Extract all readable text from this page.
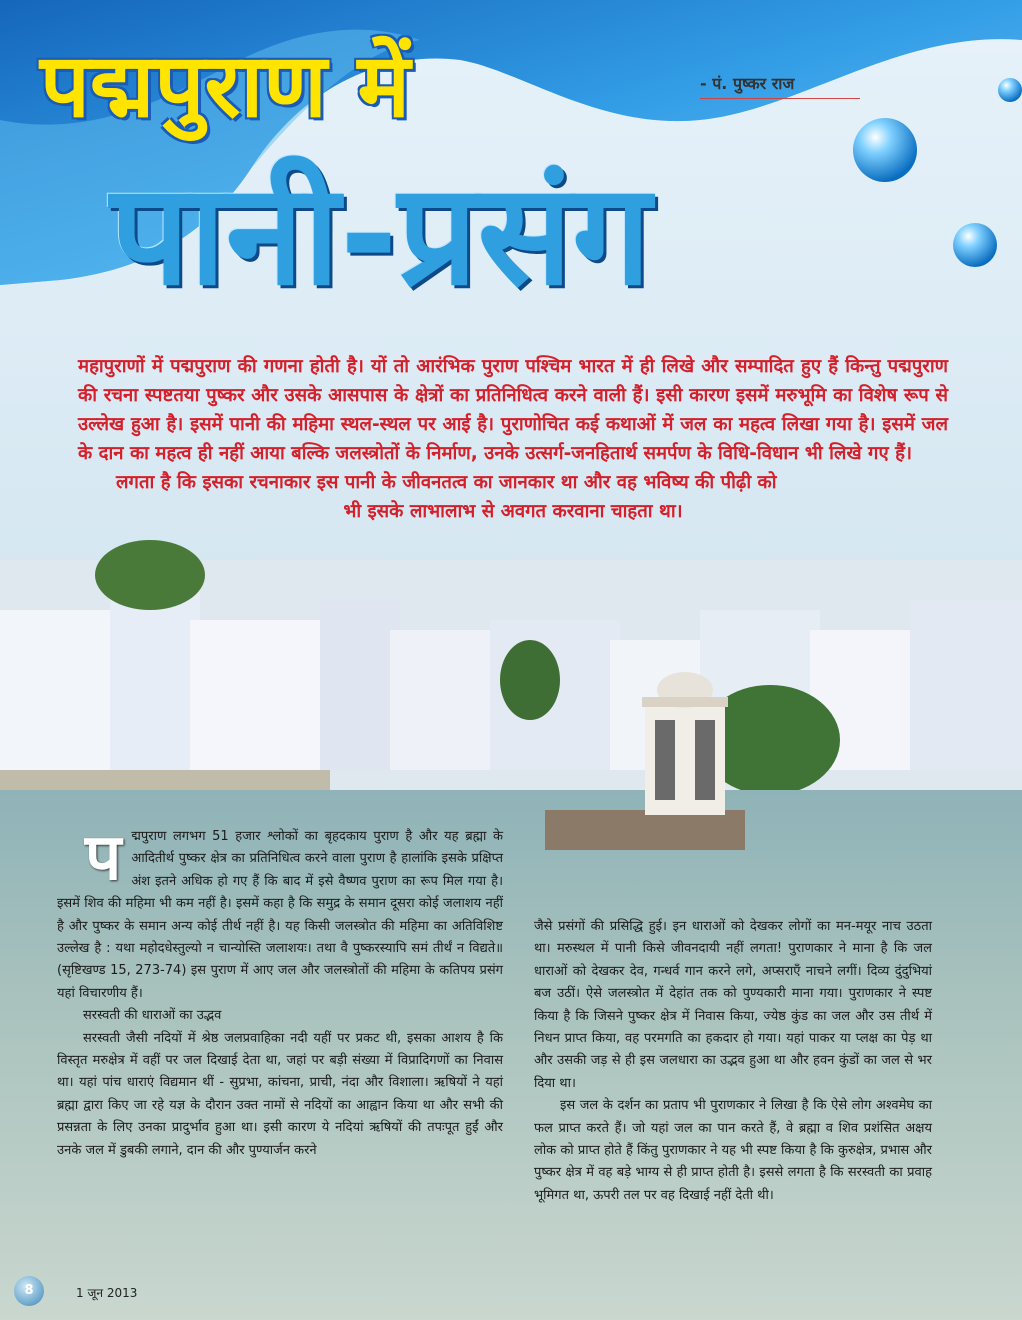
- पं. पुष्कर राज
पद्मपुराण में
पानी-प्रसंग

महापुराणों में पद्मपुराण की गणना होती है। यों तो आरंभिक पुराण पश्चिम भारत में ही लिखे और सम्पादित हुए हैं किन्तु पद्मपुराण की रचना स्पष्टतया पुष्कर और उसके आसपास के क्षेत्रों का प्रतिनिधित्व करने वाली हैं। इसी कारण इसमें मरुभूमि का विशेष रूप से उल्लेख हुआ है। इसमें पानी की महिमा स्थल-स्थल पर आई है। पुराणोचित कई कथाओं में जल का महत्व लिखा गया है। इसमें जल के दान का महत्व ही नहीं आया बल्कि जलस्त्रोतों के निर्माण, उनके उत्सर्ग-जनहितार्थ समर्पण के विधि-विधान भी लिखे गए हैं।

लगता है कि इसका रचनाकार इस पानी के जीवनतत्व का जानकार था और वह भविष्य की पीढ़ी को

भी इसके लाभालाभ से अवगत करवाना चाहता था।

प द्मपुराण लगभग 51 हजार श्लोकों का बृहदकाय पुराण है और यह ब्रह्मा के आदितीर्थ पुष्कर क्षेत्र का प्रतिनिधित्व करने वाला पुराण है हालांकि इसके प्रक्षिप्त अंश इतने अधिक हो गए हैं कि बाद में इसे वैष्णव पुराण का रूप मिल गया है। इसमें शिव की महिमा भी कम नहीं है। इसमें कहा है कि समुद्र के समान दूसरा कोई जलाशय नहीं है और पुष्कर के समान अन्य कोई तीर्थ नहीं है। यह किसी जलस्त्रोत की महिमा का अतिविशिष्ट उल्लेख है : यथा महोदधेस्तुल्यो न चान्योस्ति जलाशयः। तथा वै पुष्करस्यापि समं तीर्थं न विद्यते॥ (सृष्टिखण्ड 15, 273-74) इस पुराण में आए जल और जलस्त्रोतों की महिमा के कतिपय प्रसंग यहां विचारणीय हैं।

सरस्वती की धाराओं का उद्भव

सरस्वती जैसी नदियों में श्रेष्ठ जलप्रवाहिका नदी यहीं पर प्रकट थी, इसका आशय है कि विस्तृत मरुक्षेत्र में वहीं पर जल दिखाई देता था, जहां पर बड़ी संख्या में विप्रादिगणों का निवास था। यहां पांच धाराएं विद्यमान थीं - सुप्रभा, कांचना, प्राची, नंदा और विशाला। ऋषियों ने यहां ब्रह्मा द्वारा किए जा रहे यज्ञ के दौरान उक्त नामों से नदियों का आह्वान किया था और सभी की प्रसन्नता के लिए उनका प्रादुर्भाव हुआ था। इसी कारण ये नदियां ऋषियों की तपःपूत हुईं और उनके जल में डुबकी लगाने, दान की और पुण्यार्जन करने

जैसे प्रसंगों की प्रसिद्धि हुई। इन धाराओं को देखकर लोगों का मन-मयूर नाच उठता था। मरुस्थल में पानी किसे जीवनदायी नहीं लगता! पुराणकार ने माना है कि जल धाराओं को देखकर देव, गन्धर्व गान करने लगे, अप्सराएँ नाचने लगीं। दिव्य दुंदुभियां बज उठीं। ऐसे जलस्त्रोत में देहांत तक को पुण्यकारी माना गया। पुराणकार ने स्पष्ट किया है कि जिसने पुष्कर क्षेत्र में निवास किया, ज्येष्ठ कुंड का जल और उस तीर्थ में निधन प्राप्त किया, वह परमगति का हकदार हो गया। यहां पाकर या प्लक्ष का पेड़ था और उसकी जड़ से ही इस जलधारा का उद्भव हुआ था और हवन कुंडों का जल से भर दिया था।

इस जल के दर्शन का प्रताप भी पुराणकार ने लिखा है कि ऐसे लोग अश्वमेघ का फल प्राप्त करते हैं। जो यहां जल का पान करते हैं, वे ब्रह्मा व शिव प्रशंसित अक्षय लोक को प्राप्त होते हैं किंतु पुराणकार ने यह भी स्पष्ट किया है कि कुरुक्षेत्र, प्रभास और पुष्कर क्षेत्र में वह बड़े भाग्य से ही प्राप्त होती है। इससे लगता है कि सरस्वती का प्रवाह भूमिगत था, ऊपरी तल पर वह दिखाई नहीं देती थी।

8	1 जून 2013
